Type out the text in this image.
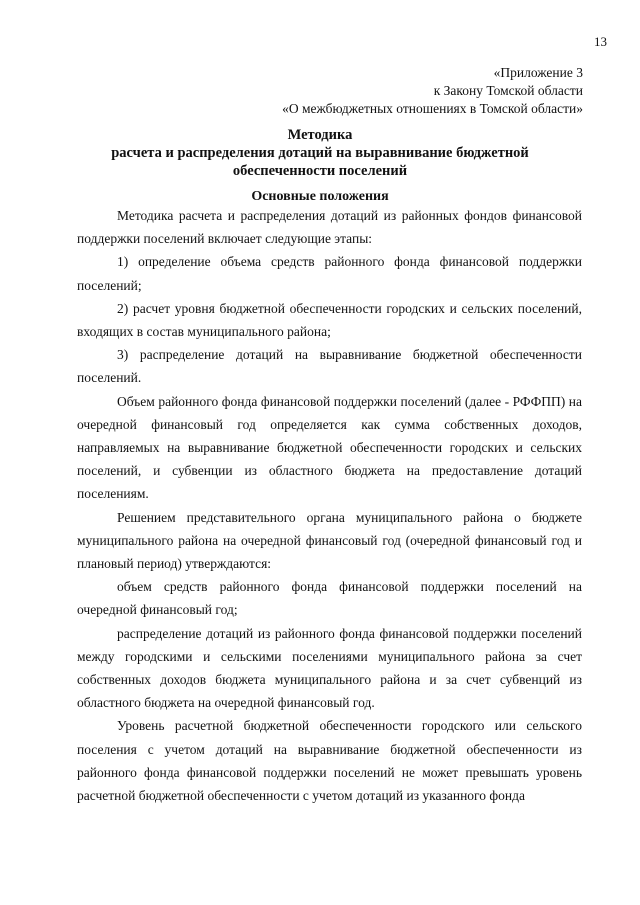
13
«Приложение 3
к Закону Томской области
«О межбюджетных отношениях в Томской области»
Методика
расчета и распределения дотаций на выравнивание бюджетной
обеспеченности поселений
Основные положения

Методика расчета и распределения дотаций из районных фондов финансовой поддержки поселений включает следующие этапы:

1) определение объема средств районного фонда финансовой поддержки поселений;

2) расчет уровня бюджетной обеспеченности городских и сельских поселений, входящих в состав муниципального района;

3) распределение дотаций на выравнивание бюджетной обеспеченности поселений.

Объем районного фонда финансовой поддержки поселений (далее - РФФПП) на очередной финансовый год определяется как сумма собственных доходов, направляемых на выравнивание бюджетной обеспеченности городских и сельских поселений, и субвенции из областного бюджета на предоставление дотаций поселениям.

Решением представительного органа муниципального района о бюджете муниципального района на очередной финансовый год (очередной финансовый год и плановый период) утверждаются:

объем средств районного фонда финансовой поддержки поселений на очередной финансовый год;

распределение дотаций из районного фонда финансовой поддержки поселений между городскими и сельскими поселениями муниципального района за счет собственных доходов бюджета муниципального района и за счет субвенций из областного бюджета на очередной финансовый год.

Уровень расчетной бюджетной обеспеченности городского или сельского поселения с учетом дотаций на выравнивание бюджетной обеспеченности из районного фонда финансовой поддержки поселений не может превышать уровень расчетной бюджетной обеспеченности с учетом дотаций из указанного фонда
